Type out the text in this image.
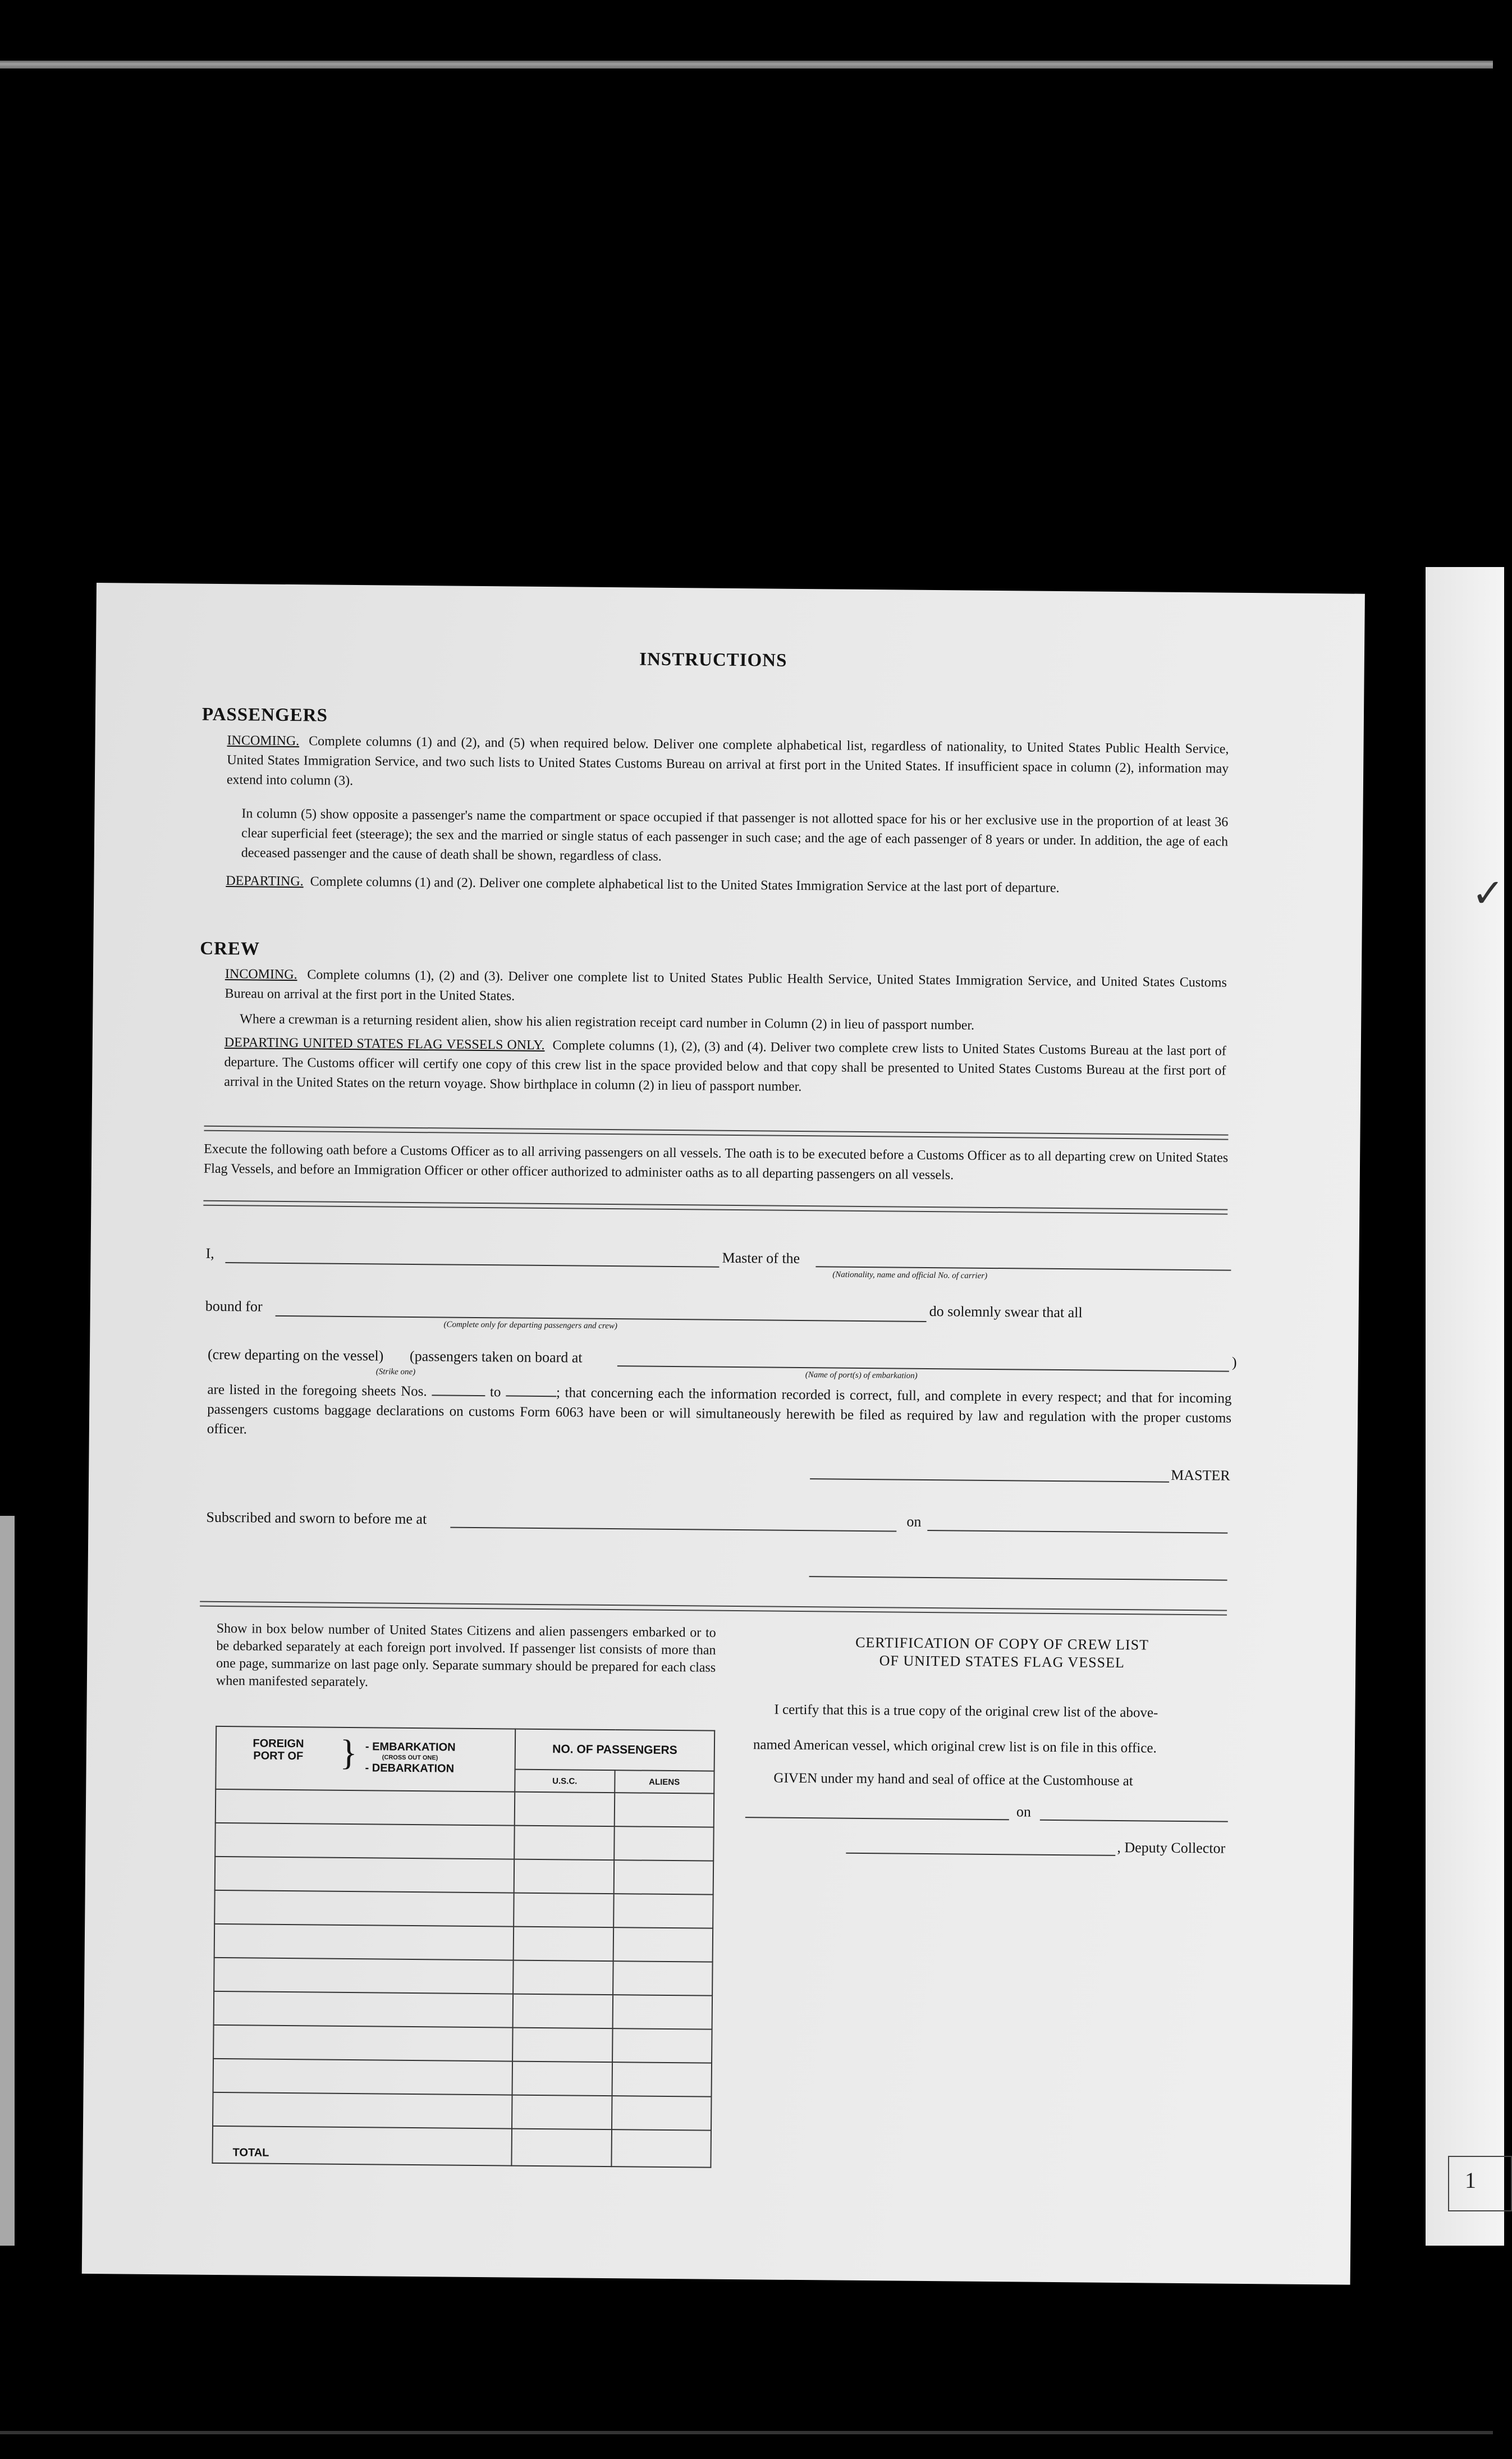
✓
1
INSTRUCTIONS
PASSENGERS
INCOMING. Complete columns (1) and (2), and (5) when required below. Deliver one complete alphabetical list, regardless of nationality, to United States Public Health Service, United States Immigration Service, and two such lists to United States Customs Bureau on arrival at first port in the United States. If insufficient space in column (2), information may extend into column (3).
In column (5) show opposite a passenger's name the compartment or space occupied if that passenger is not allotted space for his or her exclusive use in the proportion of at least 36 clear superficial feet (steerage); the sex and the married or single status of each passenger in such case; and the age of each passenger of 8 years or under. In addition, the age of each deceased passenger and the cause of death shall be shown, regardless of class.
DEPARTING. Complete columns (1) and (2). Deliver one complete alphabetical list to the United States Immigration Service at the last port of departure.
CREW
INCOMING. Complete columns (1), (2) and (3). Deliver one complete list to United States Public Health Service, United States Immigration Service, and United States Customs Bureau on arrival at the first port in the United States.
Where a crewman is a returning resident alien, show his alien registration receipt card number in Column (2) in lieu of passport number.
DEPARTING UNITED STATES FLAG VESSELS ONLY. Complete columns (1), (2), (3) and (4). Deliver two complete crew lists to United States Customs Bureau at the last port of departure. The Customs officer will certify one copy of this crew list in the space provided below and that copy shall be presented to United States Customs Bureau at the first port of arrival in the United States on the return voyage. Show birthplace in column (2) in lieu of passport number.
Execute the following oath before a Customs Officer as to all arriving passengers on all vessels. The oath is to be executed before a Customs Officer as to all departing crew on United States Flag Vessels, and before an Immigration Officer or other officer authorized to administer oaths as to all departing passengers on all vessels.
I,	Master of the
(Nationality, name and official No. of carrier)
bound for
(Complete only for departing passengers and crew)
do solemnly swear that all
(crew departing on the vessel) (passengers taken on board at
(Strike one)	(Name of port(s) of embarkation)
)
are listed in the foregoing sheets Nos.	to	; that concerning each the information recorded is correct, full, and complete in every respect; and that for incoming passengers customs baggage declarations on customs Form 6063 have been or will simultaneously herewith be filed as required by law and regulation with the proper customs officer.
MASTER
Subscribed and sworn to before me at	on
Show in box below number of United States Citizens and alien passengers embarked or to be debarked separately at each foreign port involved. If passenger list consists of more than one page, summarize on last page only. Separate summary should be prepared for each class when manifested separately.
FOREIGN PORT OF } - EMBARKATION
(CROSS OUT ONE)
- DEBARKATION	NO. OF PASSENGERS	
	U.S.C.	ALIENS

TOTAL		
CERTIFICATION OF COPY OF CREW LIST
OF UNITED STATES FLAG VESSEL
I certify that this is a true copy of the original crew list of the above-
named American vessel, which original crew list is on file in this office.
GIVEN under my hand and seal of office at the Customhouse at
on
, Deputy Collector
